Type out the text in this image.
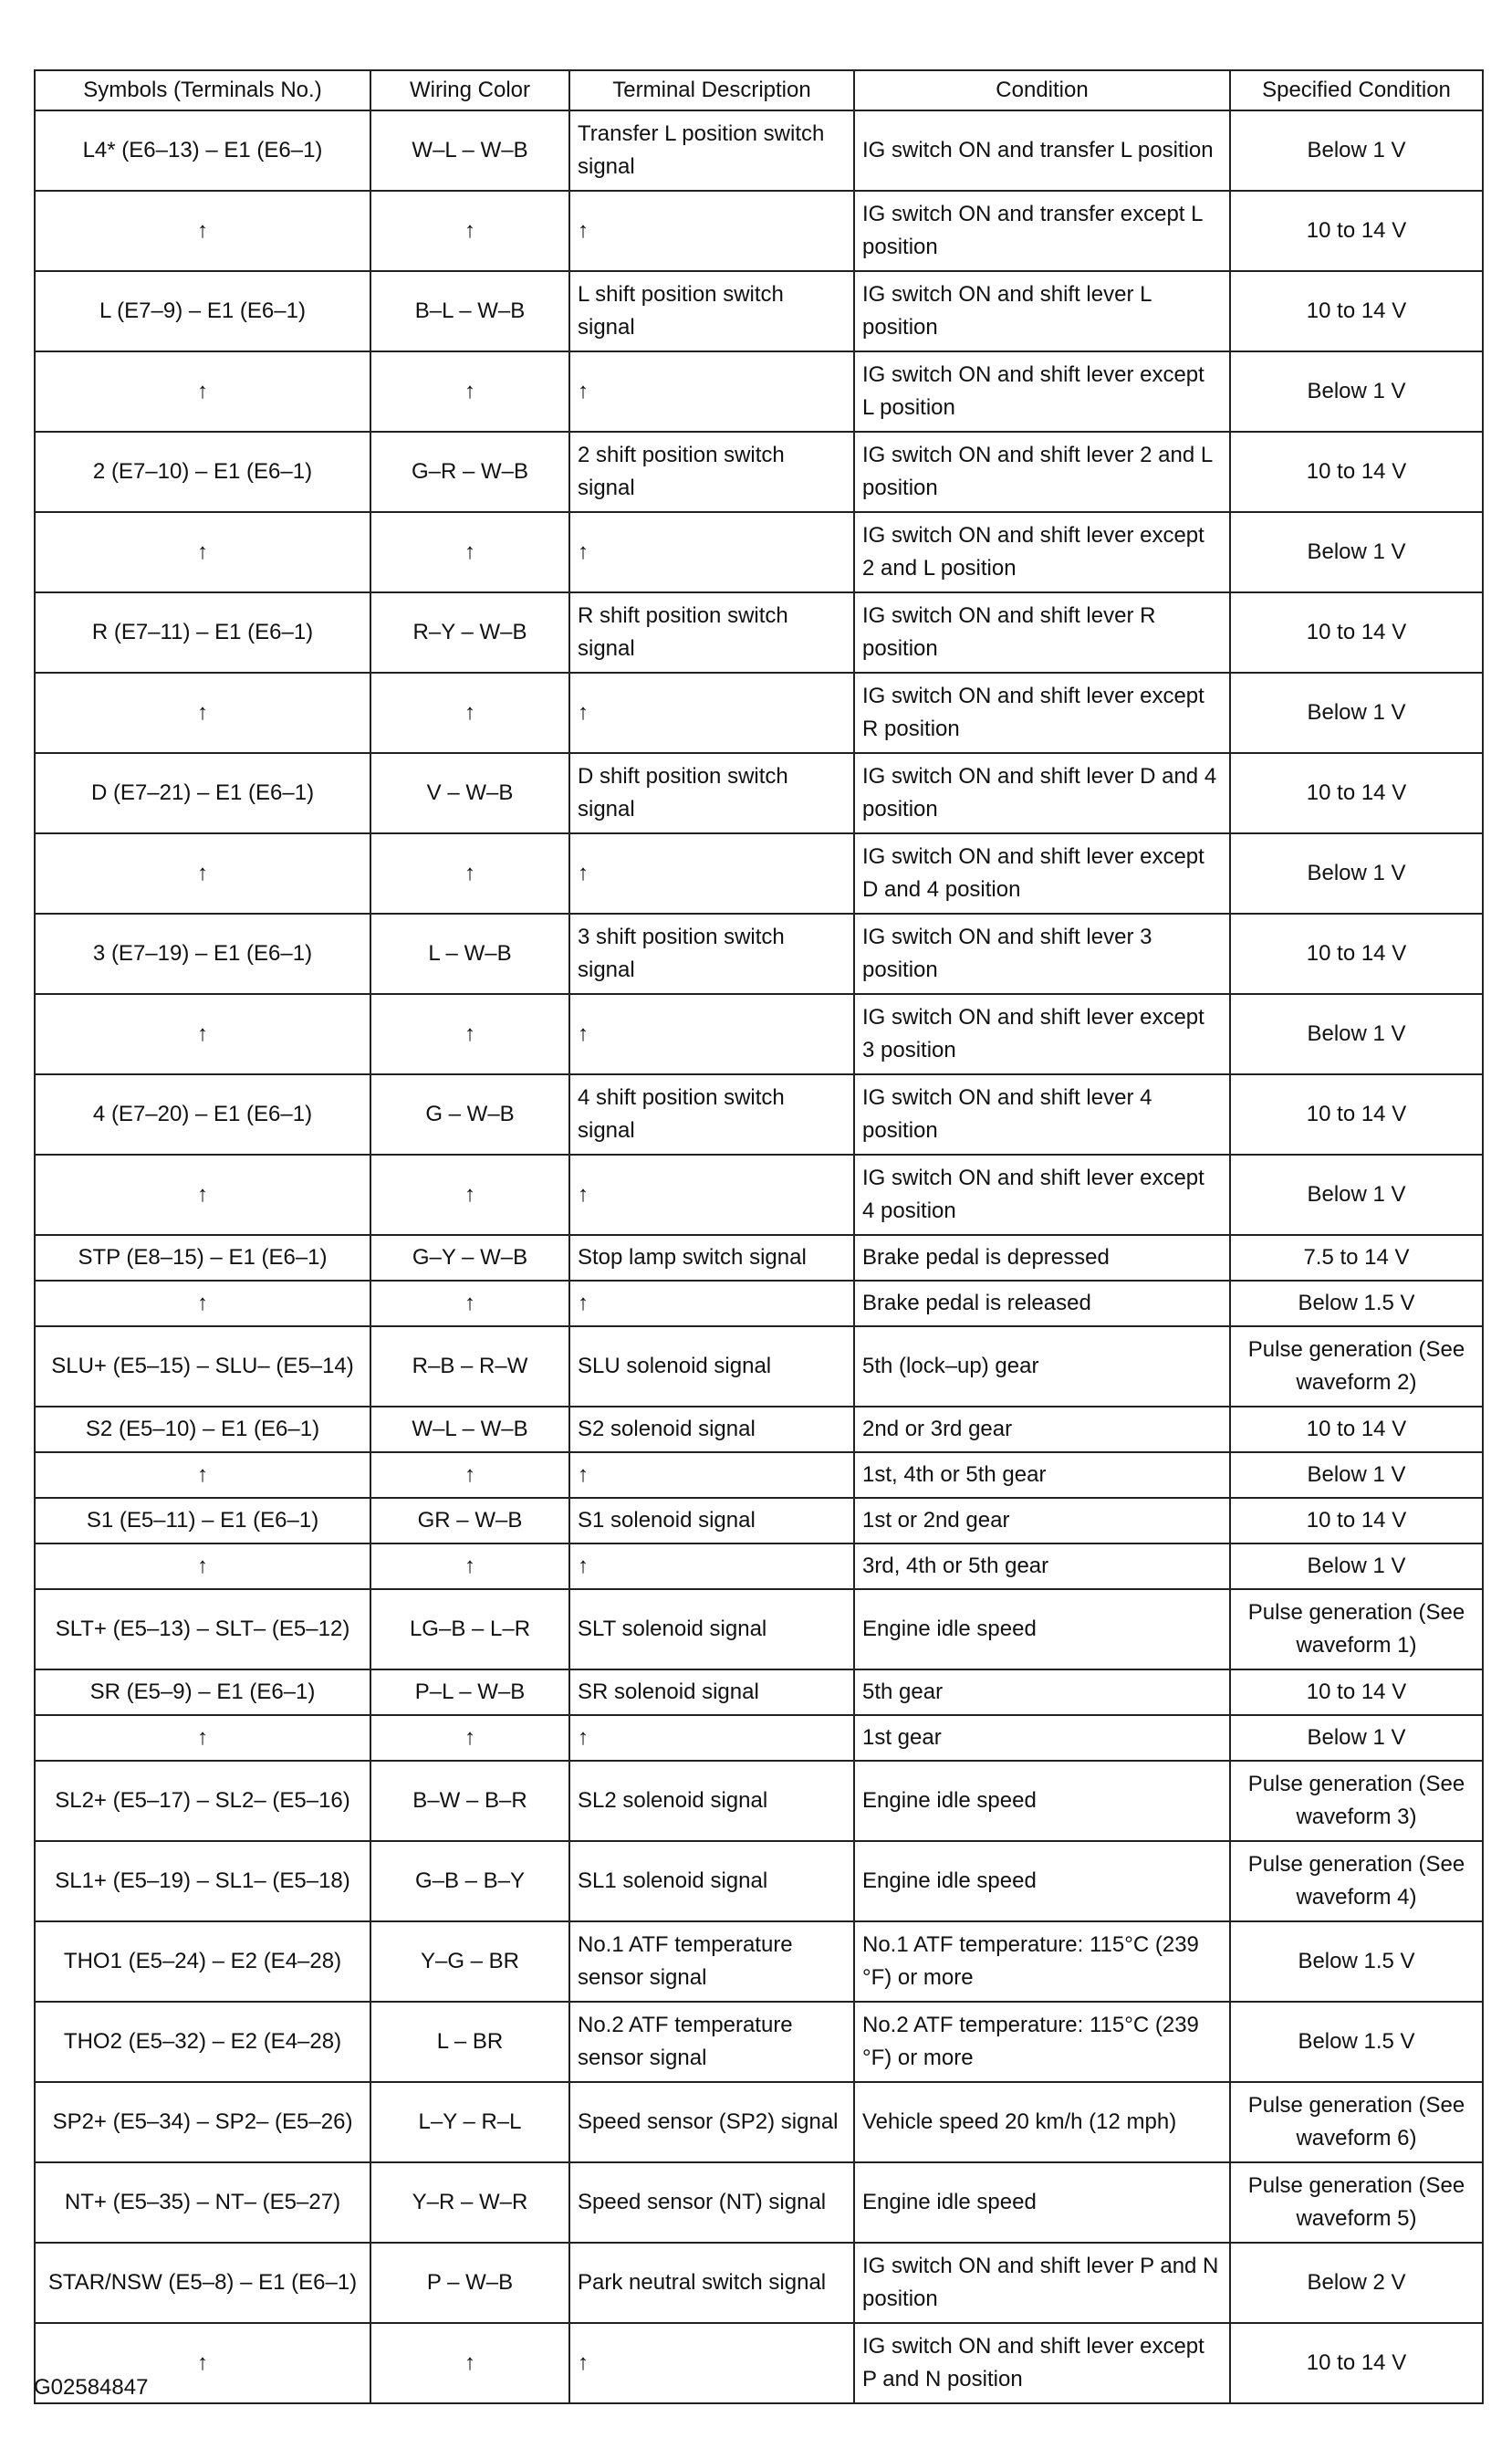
Symbols (Terminals No.)	Wiring Color	Terminal Description	Condition	Specified Condition
L4* (E6–13) – E1 (E6–1)	W–L – W–B	Transfer L position switch signal	IG switch ON and transfer L position	Below 1 V
↑	↑	↑	IG switch ON and transfer except L position	10 to 14 V
L (E7–9) – E1 (E6–1)	B–L – W–B	L shift position switch signal	IG switch ON and shift lever L position	10 to 14 V
↑	↑	↑	IG switch ON and shift lever except L position	Below 1 V
2 (E7–10) – E1 (E6–1)	G–R – W–B	2 shift position switch signal	IG switch ON and shift lever 2 and L position	10 to 14 V
↑	↑	↑	IG switch ON and shift lever except 2 and L position	Below 1 V
R (E7–11) – E1 (E6–1)	R–Y – W–B	R shift position switch signal	IG switch ON and shift lever R position	10 to 14 V
↑	↑	↑	IG switch ON and shift lever except R position	Below 1 V
D (E7–21) – E1 (E6–1)	V – W–B	D shift position switch signal	IG switch ON and shift lever D and 4 position	10 to 14 V
↑	↑	↑	IG switch ON and shift lever except D and 4 position	Below 1 V
3 (E7–19) – E1 (E6–1)	L – W–B	3 shift position switch signal	IG switch ON and shift lever 3 position	10 to 14 V
↑	↑	↑	IG switch ON and shift lever except 3 position	Below 1 V
4 (E7–20) – E1 (E6–1)	G – W–B	4 shift position switch signal	IG switch ON and shift lever 4 position	10 to 14 V
↑	↑	↑	IG switch ON and shift lever except 4 position	Below 1 V
STP (E8–15) – E1 (E6–1)	G–Y – W–B	Stop lamp switch signal	Brake pedal is depressed	7.5 to 14 V
↑	↑	↑	Brake pedal is released	Below 1.5 V
SLU+ (E5–15) – SLU– (E5–14)	R–B – R–W	SLU solenoid signal	5th (lock–up) gear	Pulse generation (See waveform 2)
S2 (E5–10) – E1 (E6–1)	W–L – W–B	S2 solenoid signal	2nd or 3rd gear	10 to 14 V
↑	↑	↑	1st, 4th or 5th gear	Below 1 V
S1 (E5–11) – E1 (E6–1)	GR – W–B	S1 solenoid signal	1st or 2nd gear	10 to 14 V
↑	↑	↑	3rd, 4th or 5th gear	Below 1 V
SLT+ (E5–13) – SLT– (E5–12)	LG–B – L–R	SLT solenoid signal	Engine idle speed	Pulse generation (See waveform 1)
SR (E5–9) – E1 (E6–1)	P–L – W–B	SR solenoid signal	5th gear	10 to 14 V
↑	↑	↑	1st gear	Below 1 V
SL2+ (E5–17) – SL2– (E5–16)	B–W – B–R	SL2 solenoid signal	Engine idle speed	Pulse generation (See waveform 3)
SL1+ (E5–19) – SL1– (E5–18)	G–B – B–Y	SL1 solenoid signal	Engine idle speed	Pulse generation (See waveform 4)
THO1 (E5–24) – E2 (E4–28)	Y–G – BR	No.1 ATF temperature sensor signal	No.1 ATF temperature: 115°C (239 °F) or more	Below 1.5 V
THO2 (E5–32) – E2 (E4–28)	L – BR	No.2 ATF temperature sensor signal	No.2 ATF temperature: 115°C (239 °F) or more	Below 1.5 V
SP2+ (E5–34) – SP2– (E5–26)	L–Y – R–L	Speed sensor (SP2) signal	Vehicle speed 20 km/h (12 mph)	Pulse generation (See waveform 6)
NT+ (E5–35) – NT– (E5–27)	Y–R – W–R	Speed sensor (NT) signal	Engine idle speed	Pulse generation (See waveform 5)
STAR/NSW (E5–8) – E1 (E6–1)	P – W–B	Park neutral switch signal	IG switch ON and shift lever P and N position	Below 2 V
↑	↑	↑	IG switch ON and shift lever except P and N position	10 to 14 V
G02584847
